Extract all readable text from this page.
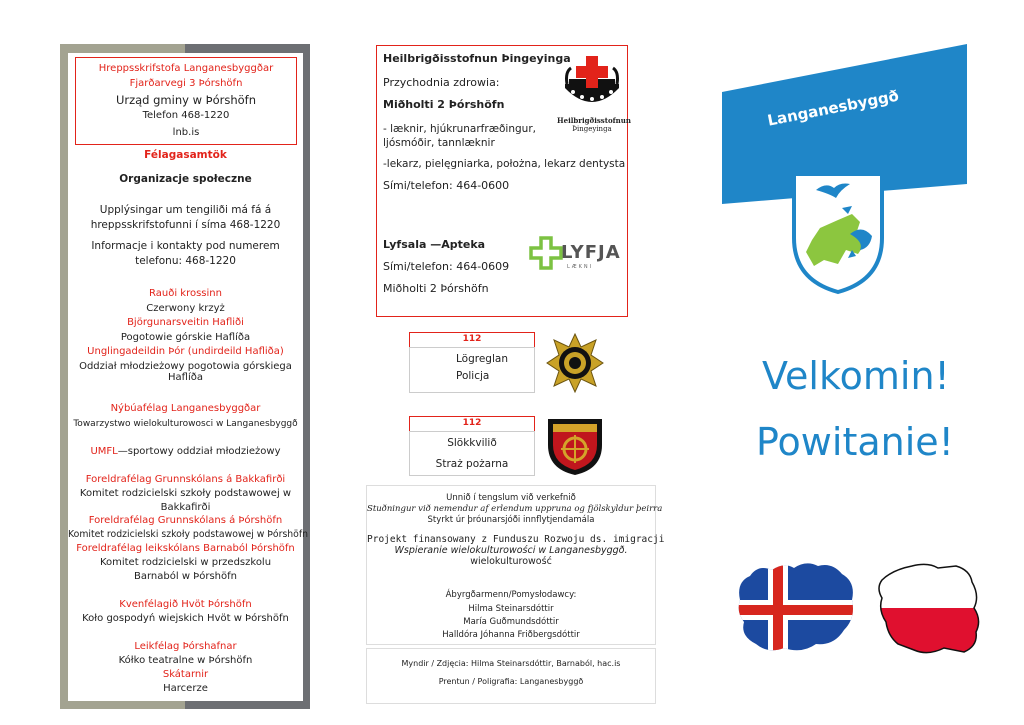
Hreppsskrifstofa Langanesbyggðar
Fjarðarvegi 3 Þórshöfn
Urząd gminy w Þórshöfn
Telefon 468-1220
lnb.is
Félagasamtök
Organizacje społeczne
Upplýsingar um tengiliði má fá á
hreppsskrifstofunni í síma 468-1220
Informacje i kontakty pod numerem
telefonu: 468-1220
Rauði krossinn
Czerwony krzyż
Björgunarsveitin Hafliði
Pogotowie górskie Haflíða
Unglingadeildin Þór (undirdeild Hafliða)
Oddział młodzieżowy pogotowia górskiega
Haflíða
Nýbúafélag Langanesbyggðar
Towarzystwo wielokulturowosci w Langanesbyggð
UMFL—sportowy oddział młodzieżowy
Foreldrafélag Grunnskólans á Bakkafirði
Komitet rodzicielski szkoły podstawowej w
Bakkafirði
Foreldrafélag Grunnskólans á Þórshöfn
Komitet rodzicielski szkoły podstawowej w Þórshöfn
Foreldrafélag leikskólans Barnaból Þórshöfn
Komitet rodzicielski w przedszkolu
Barnaból w Þórshöfn
Kvenfélagið Hvöt Þórshöfn
Koło gospodyń wiejskich Hvöt w Þórshöfn
Leikfélag Þórshafnar
Kółko teatralne w Þórshöfn
Skátarnir
Harcerze
Heilbrigðisstofnun Þingeyinga
Przychodnia zdrowia:
Miðholti 2 Þórshöfn
- læknir, hjúkrunarfræðingur,
ljósmóðir, tannlæknir
-lekarz, pielęgniarka, położna, lekarz dentysta
Sími/telefon: 464-0600
Heilbrigðisstofnun
Þingeyinga
Lyfsala —Apteka
Sími/telefon: 464-0609
Miðholti 2 Þórshöfn
LYFJA
LÆKNI
112
Lögreglan
Policja
112
Slökkvilið
Straż pożarna
Unnið í tengslum við verkefnið
Stuðningur við nemendur af erlendum uppruna og fjölskyldur þeirra
Styrkt úr þróunarsjóði innflytjendamála
Projekt finansowany z Funduszu Rozwoju ds. imigracji
Wspieranie wielokulturowości w Langanesbyggð.
wielokulturowość
Ábyrgðarmenn/Pomysłodawcy:
Hilma Steinarsdóttir
María Guðmundsdóttir
Halldóra Jóhanna Friðbergsdóttir
Myndir / Zdjęcia: Hilma Steinarsdóttir, Barnaból, hac.is
Prentun / Poligrafia: Langanesbyggð
Langanesbyggð
Velkomin!
Powitanie!
